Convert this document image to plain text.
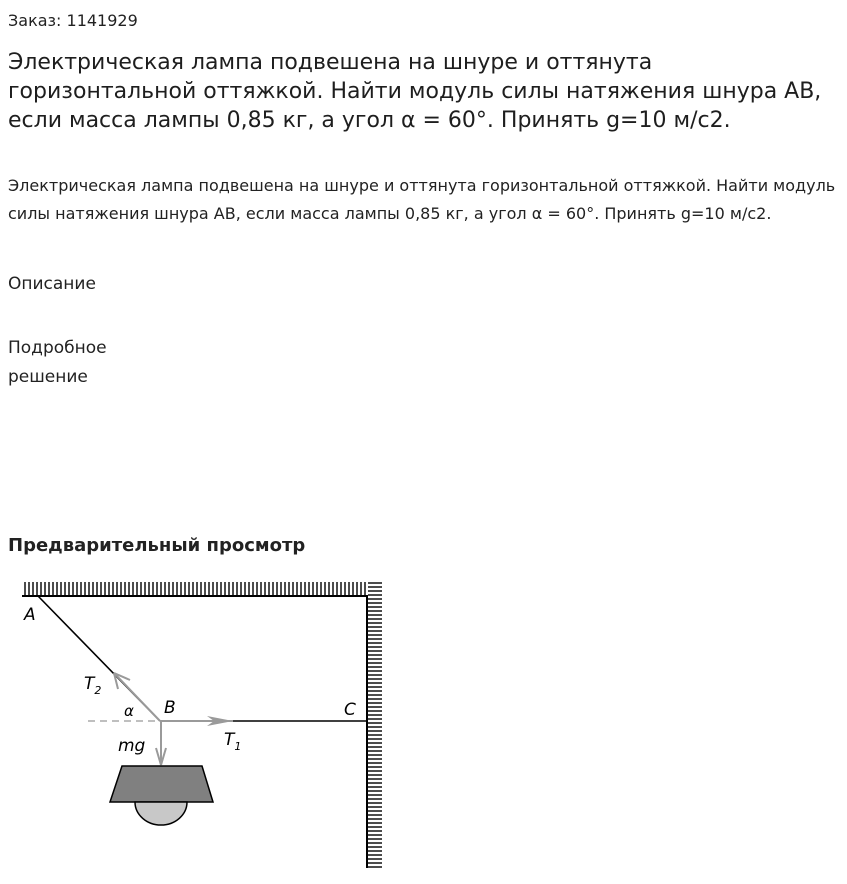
Заказ: 1141929
Электрическая лампа подвешена на шнуре и оттянута горизонтальной оттяжкой. Найти модуль силы натяжения шнура AB, если масса лампы 0,85 кг, а угол α = 60°. Принять g=10 м/с2.

Электрическая лампа подвешена на шнуре и оттянута горизонтальной оттяжкой. Найти модуль силы натяжения шнура AB, если масса лампы 0,85 кг, а угол α = 60°. Принять g=10 м/с2.

Описание
Подробное решение
Предварительный просмотр
A
B	C
$T_2$
$T_1$
mg
α
